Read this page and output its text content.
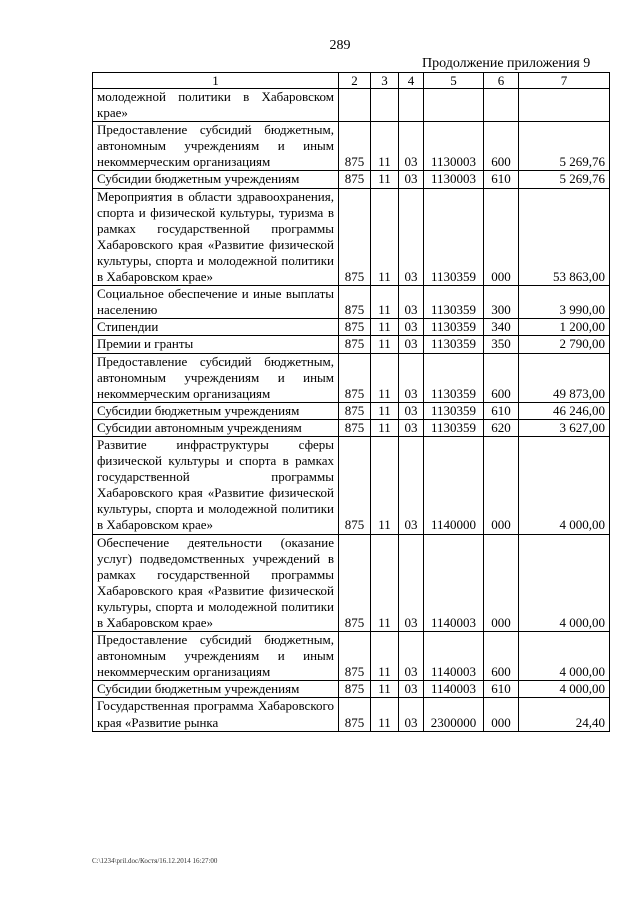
289
Продолжение приложения 9
1	2	3	4	5	6	7
молодежной политики в Хабаровском крае»						
Предоставление субсидий бюджетным, автономным учреждениям и иным некоммерческим организациям	875	11	03	1130003	600	5 269,76
Субсидии бюджетным учреждениям	875	11	03	1130003	610	5 269,76
Мероприятия в области здравоохранения, спорта и физической культуры, туризма в рамках государственной программы Хабаровского края «Развитие физической культуры, спорта и молодежной политики в Хабаровском крае»	875	11	03	1130359	000	53 863,00
Социальное обеспечение и иные выплаты населению	875	11	03	1130359	300	3 990,00
Стипендии	875	11	03	1130359	340	1 200,00
Премии и гранты	875	11	03	1130359	350	2 790,00
Предоставление субсидий бюджетным, автономным учреждениям и иным некоммерческим организациям	875	11	03	1130359	600	49 873,00
Субсидии бюджетным учреждениям	875	11	03	1130359	610	46 246,00
Субсидии автономным учреждениям	875	11	03	1130359	620	3 627,00
Развитие инфраструктуры сферы физической культуры и спорта в рамках государственной программы Хабаровского края «Развитие физической культуры, спорта и молодежной политики в Хабаровском крае»	875	11	03	1140000	000	4 000,00
Обеспечение деятельности (оказание услуг) подведомственных учреждений в рамках государственной программы Хабаровского края «Развитие физической культуры, спорта и молодежной политики в Хабаровском крае»	875	11	03	1140003	000	4 000,00
Предоставление субсидий бюджетным, автономным учреждениям и иным некоммерческим организациям	875	11	03	1140003	600	4 000,00
Субсидии бюджетным учреждениям	875	11	03	1140003	610	4 000,00
Государственная программа Хабаровского края «Развитие рынка	875	11	03	2300000	000	24,40
C:\1234\pril.doc/Костя/16.12.2014 16:27:00
